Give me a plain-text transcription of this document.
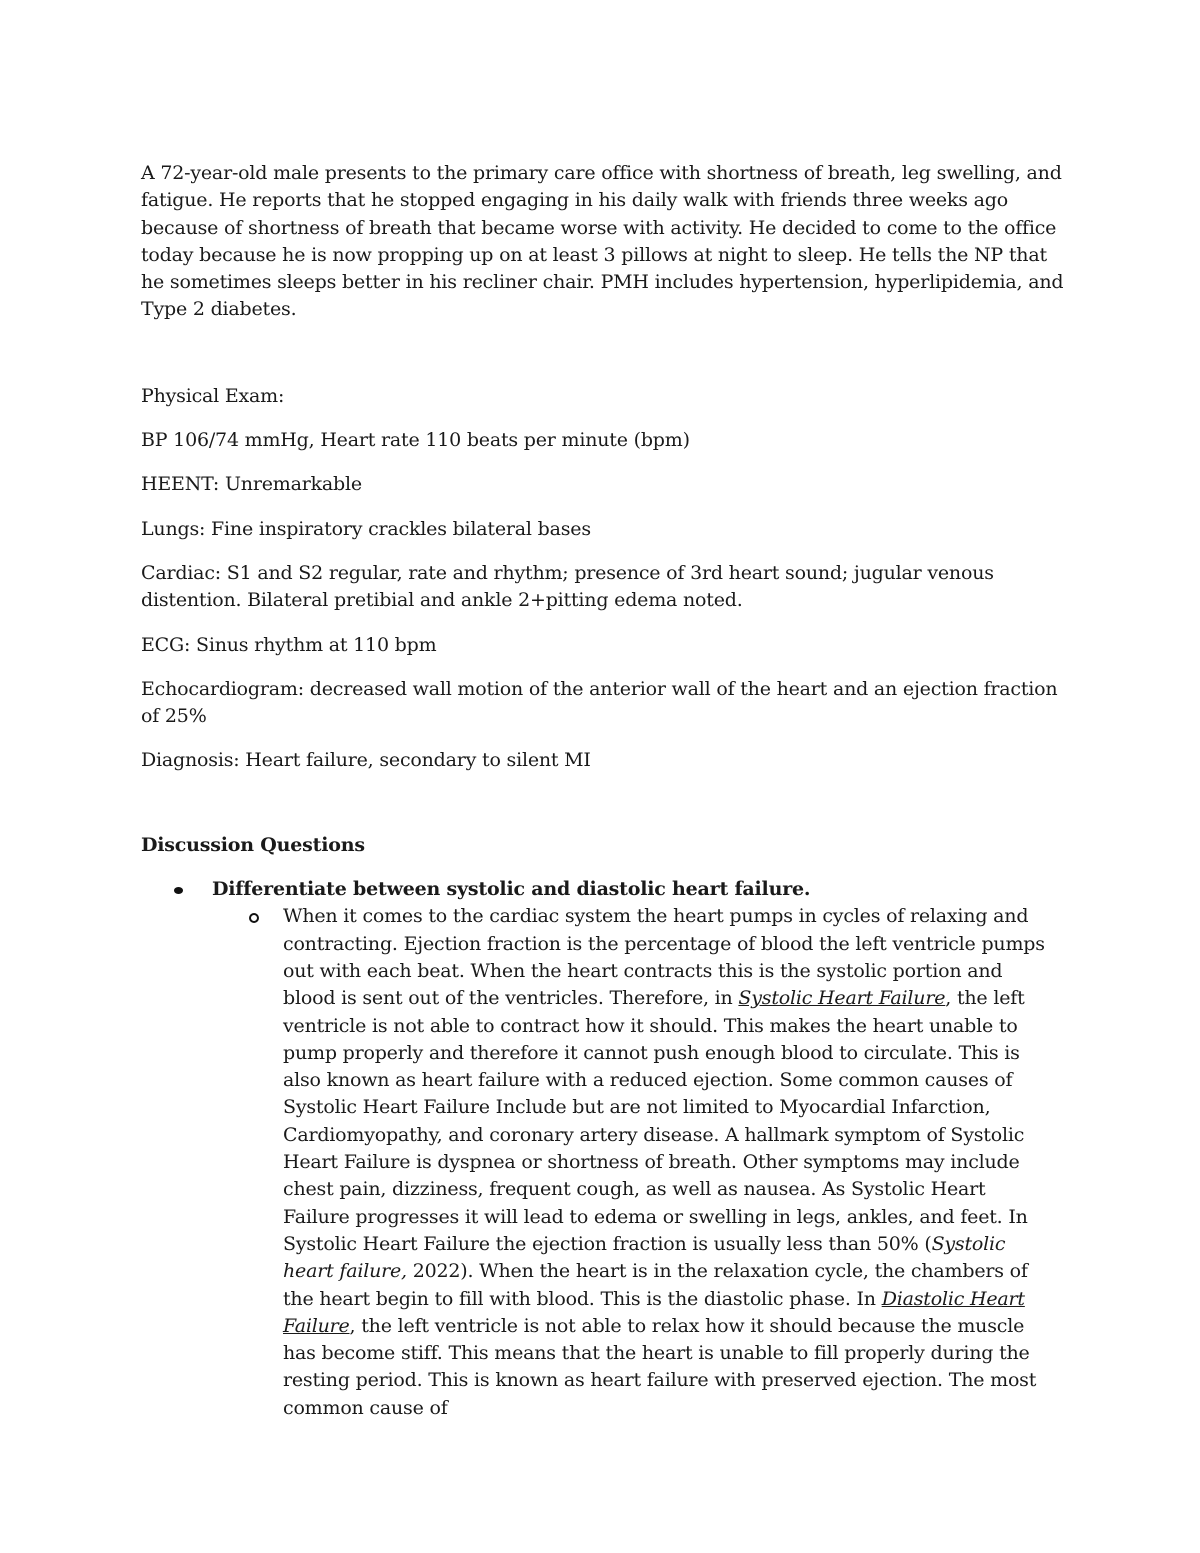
A 72-year-old male presents to the primary care office with shortness of breath, leg swelling, and fatigue. He reports that he stopped engaging in his daily walk with friends three weeks ago because of shortness of breath that became worse with activity. He decided to come to the office today because he is now propping up on at least 3 pillows at night to sleep. He tells the NP that he sometimes sleeps better in his recliner chair. PMH includes hypertension, hyperlipidemia, and Type 2 diabetes.

Physical Exam:

BP 106/74 mmHg, Heart rate 110 beats per minute (bpm)

HEENT: Unremarkable

Lungs: Fine inspiratory crackles bilateral bases

Cardiac: S1 and S2 regular, rate and rhythm; presence of 3rd heart sound; jugular venous distention. Bilateral pretibial and ankle 2+pitting edema noted.

ECG: Sinus rhythm at 110 bpm

Echocardiogram: decreased wall motion of the anterior wall of the heart and an ejection fraction of 25%

Diagnosis: Heart failure, secondary to silent MI

Discussion Questions

Differentiate between systolic and diastolic heart failure.
When it comes to the cardiac system the heart pumps in cycles of relaxing and contracting. Ejection fraction is the percentage of blood the left ventricle pumps out with each beat. When the heart contracts this is the systolic portion and blood is sent out of the ventricles. Therefore, in Systolic Heart Failure, the left ventricle is not able to contract how it should. This makes the heart unable to pump properly and therefore it cannot push enough blood to circulate. This is also known as heart failure with a reduced ejection. Some common causes of Systolic Heart Failure Include but are not limited to Myocardial Infarction, Cardiomyopathy, and coronary artery disease. A hallmark symptom of Systolic Heart Failure is dyspnea or shortness of breath. Other symptoms may include chest pain, dizziness, frequent cough, as well as nausea. As Systolic Heart Failure progresses it will lead to edema or swelling in legs, ankles, and feet. In Systolic Heart Failure the ejection fraction is usually less than 50% (Systolic heart failure, 2022). When the heart is in the relaxation cycle, the chambers of the heart begin to fill with blood. This is the diastolic phase. In Diastolic Heart Failure, the left ventricle is not able to relax how it should because the muscle has become stiff. This means that the heart is unable to fill properly during the resting period. This is known as heart failure with preserved ejection. The most common cause of
